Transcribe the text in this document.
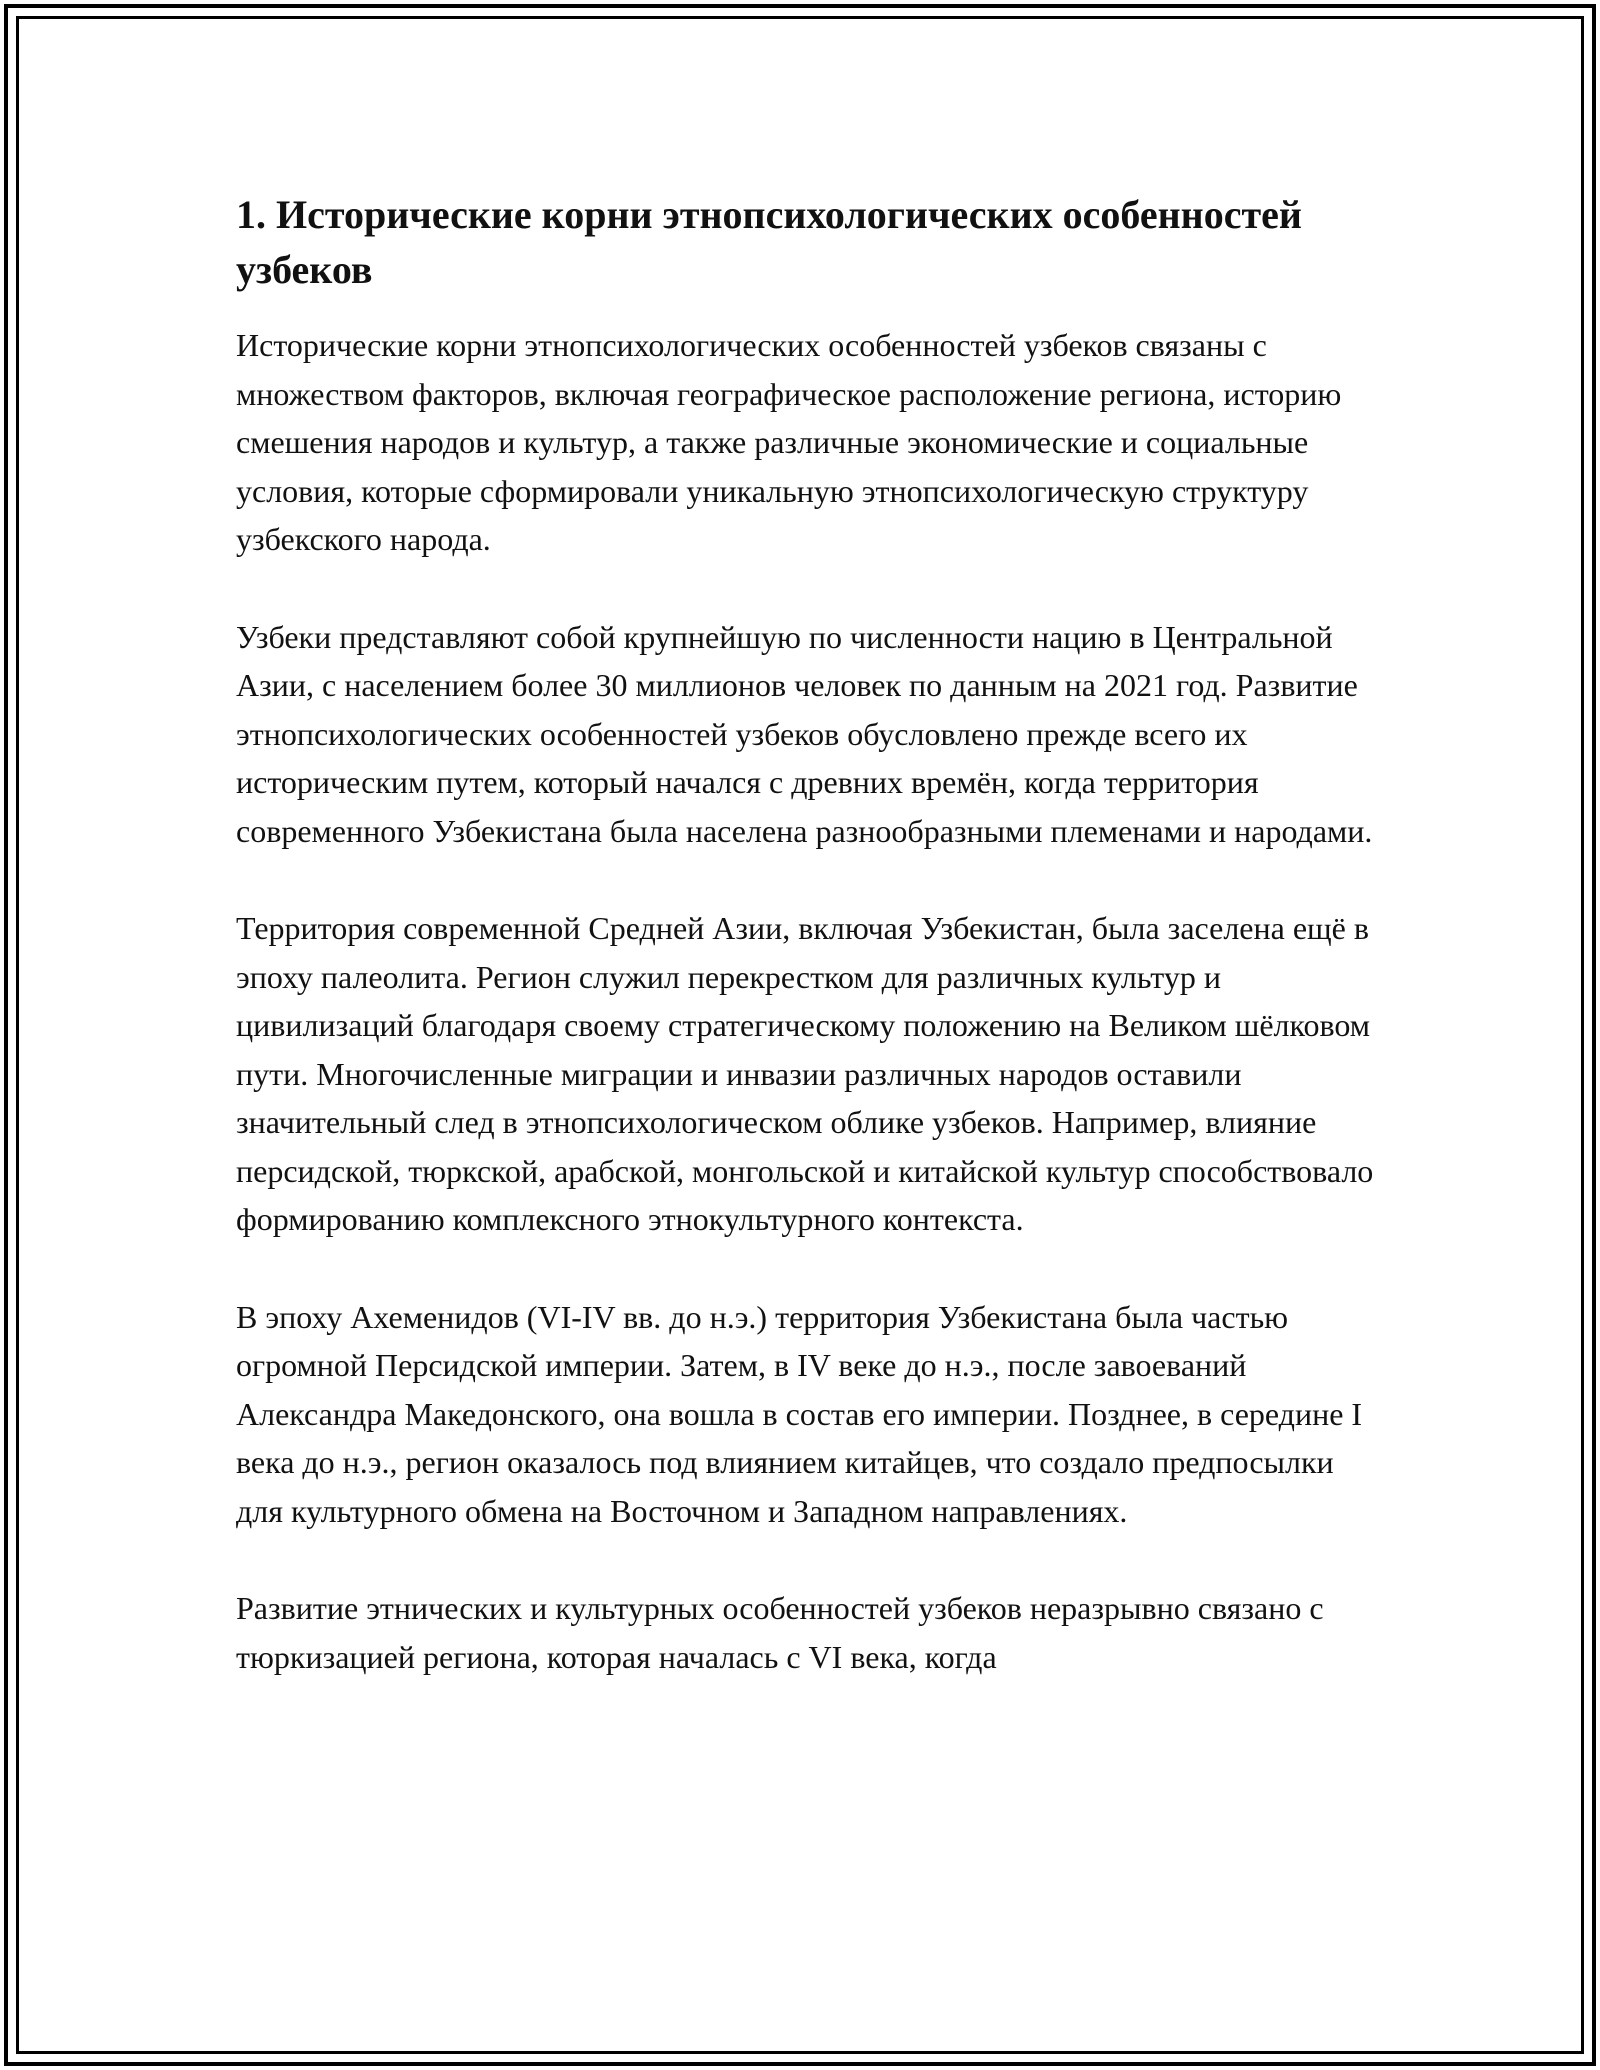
1. Исторические корни этнопсихологических особенностей узбеков

Исторические корни этнопсихологических особенностей узбеков связаны с множеством факторов, включая географическое расположение региона, историю смешения народов и культур, а также различные экономические и социальные условия, которые сформировали уникальную этнопсихологическую структуру узбекского народа.

Узбеки представляют собой крупнейшую по численности нацию в Центральной Азии, с населением более 30 миллионов человек по данным на 2021 год. Развитие этнопсихологических особенностей узбеков обусловлено прежде всего их историческим путем, который начался с древних времён, когда территория современного Узбекистана была населена разнообразными племенами и народами.

Территория современной Средней Азии, включая Узбекистан, была заселена ещё в эпоху палеолита. Регион служил перекрестком для различных культур и цивилизаций благодаря своему стратегическому положению на Великом шёлковом пути. Многочисленные миграции и инвазии различных народов оставили значительный след в этнопсихологическом облике узбеков. Например, влияние персидской, тюркской, арабской, монгольской и китайской культур способствовало формированию комплексного этнокультурного контекста.

В эпоху Ахеменидов (VI-IV вв. до н.э.) территория Узбекистана была частью огромной Персидской империи. Затем, в IV веке до н.э., после завоеваний Александра Македонского, она вошла в состав его империи. Позднее, в середине I века до н.э., регион оказалось под влиянием китайцев, что создало предпосылки для культурного обмена на Восточном и Западном направлениях.

Развитие этнических и культурных особенностей узбеков неразрывно связано с тюркизацией региона, которая началась с VI века, когда
